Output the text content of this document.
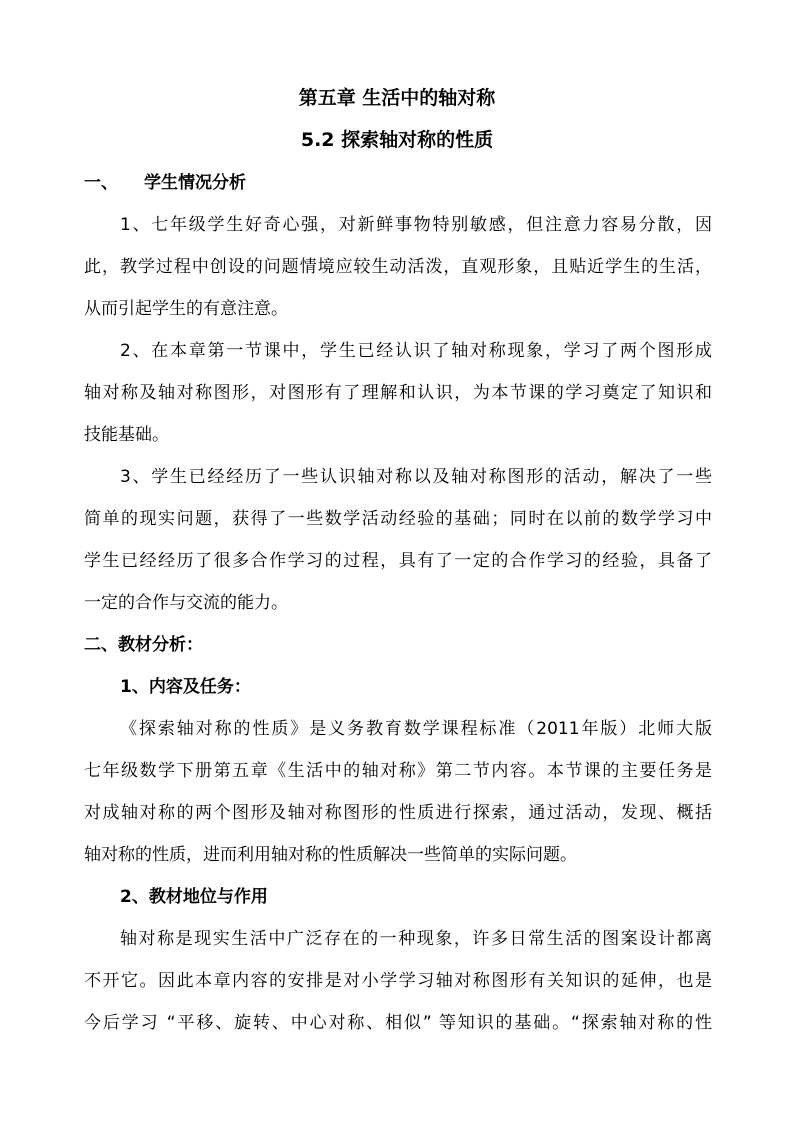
第五章 生活中的轴对称
5.2 探索轴对称的性质
一、 学生情况分析
1、七年级学生好奇心强，对新鲜事物特别敏感，但注意力容易分散，因
此，教学过程中创设的问题情境应较生动活泼，直观形象，且贴近学生的生活，
从而引起学生的有意注意。
2、在本章第一节课中，学生已经认识了轴对称现象，学习了两个图形成
轴对称及轴对称图形，对图形有了理解和认识，为本节课的学习奠定了知识和
技能基础。
3、学生已经经历了一些认识轴对称以及轴对称图形的活动，解决了一些
简单的现实问题，获得了一些数学活动经验的基础；同时在以前的数学学习中
学生已经经历了很多合作学习的过程，具有了一定的合作学习的经验，具备了
一定的合作与交流的能力。
二、教材分析：
1、内容及任务：
《探索轴对称的性质》是义务教育数学课程标准（2011年版）北师大版
七年级数学下册第五章《生活中的轴对称》第二节内容。本节课的主要任务是
对成轴对称的两个图形及轴对称图形的性质进行探索，通过活动，发现、概括
轴对称的性质，进而利用轴对称的性质解决一些简单的实际问题。
2、教材地位与作用
轴对称是现实生活中广泛存在的一种现象，许多日常生活的图案设计都离
不开它。因此本章内容的安排是对小学学习轴对称图形有关知识的延伸，也是
今后学习 “平移、旋转、中心对称、相似” 等知识的基础。“探索轴对称的性
